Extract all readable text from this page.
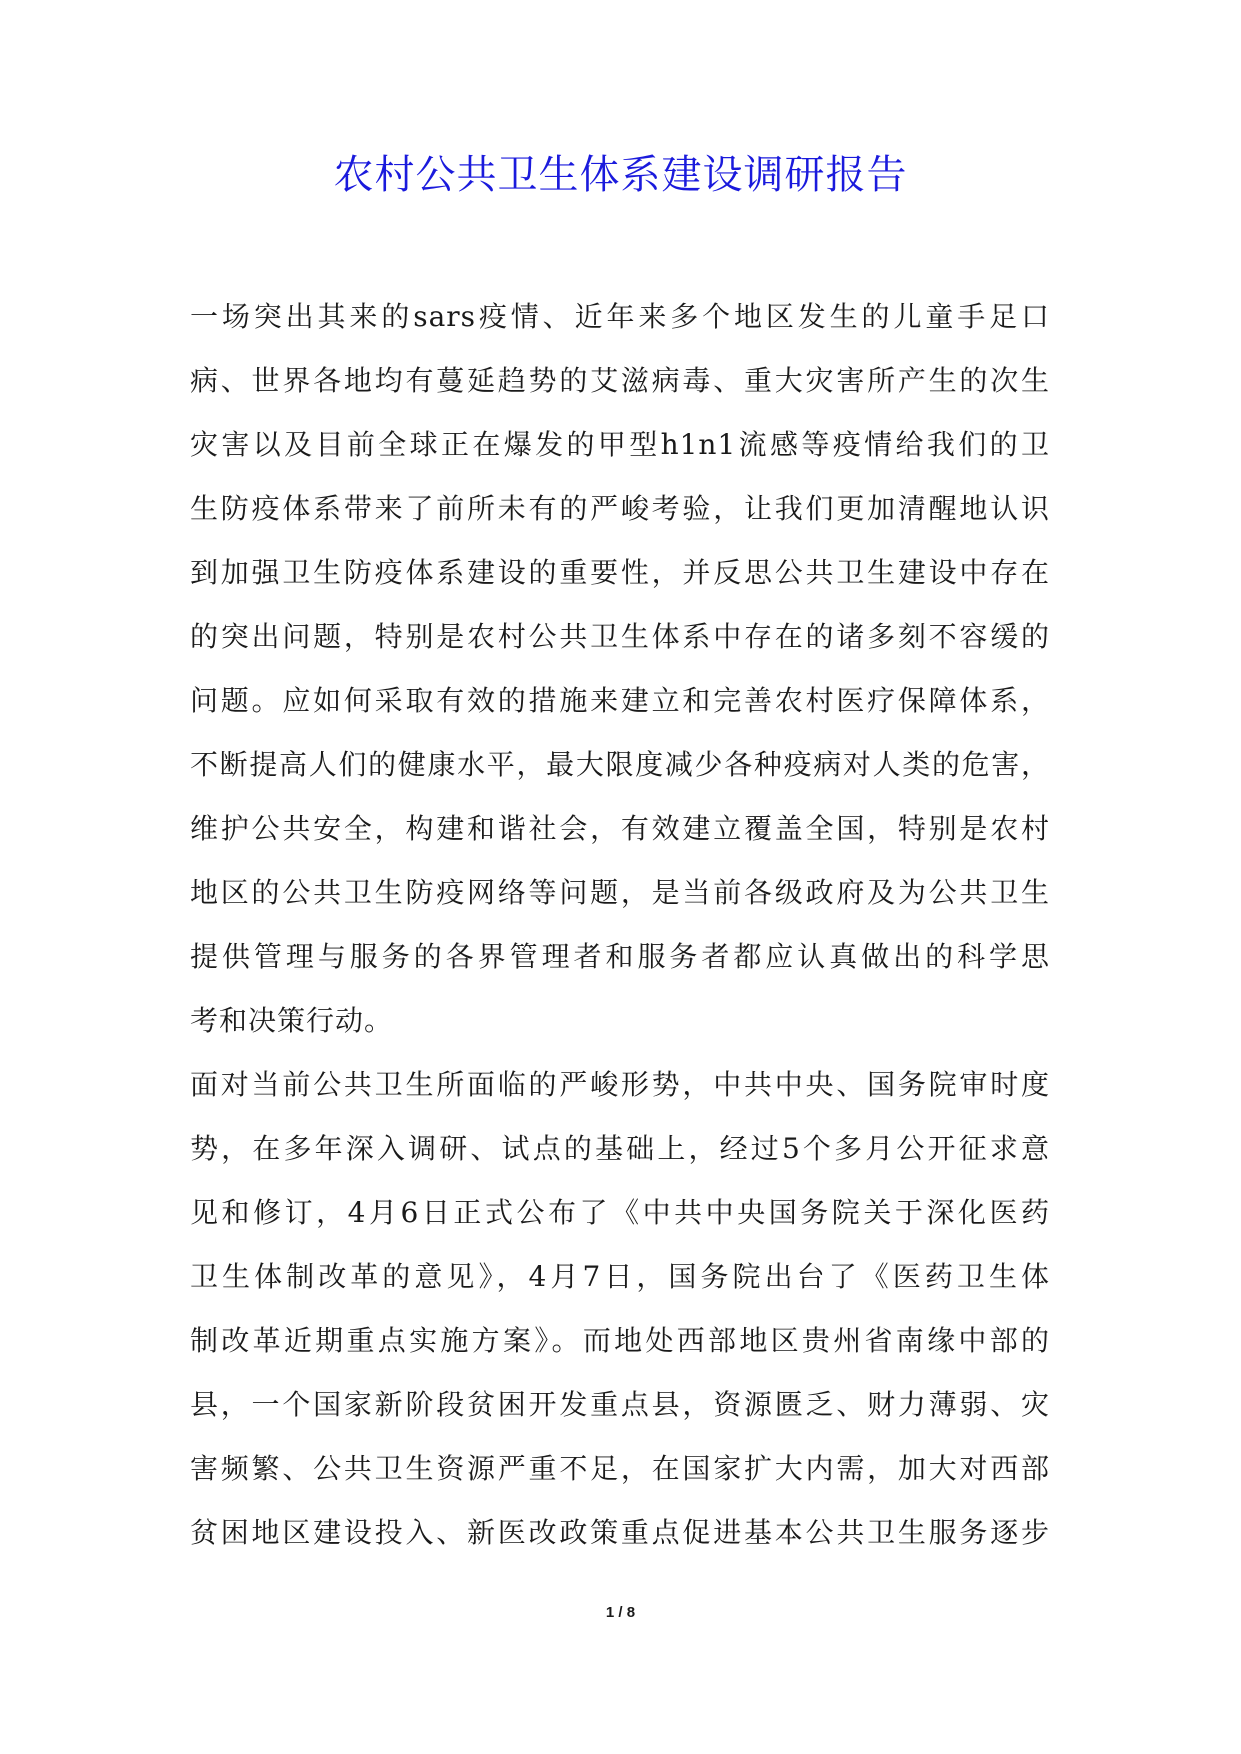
农村公共卫生体系建设调研报告
一场突出其来的sars疫情、近年来多个地区发生的儿童手足口
病、世界各地均有蔓延趋势的艾滋病毒、重大灾害所产生的次生
灾害以及目前全球正在爆发的甲型h1n1流感等疫情给我们的卫
生防疫体系带来了前所未有的严峻考验，让我们更加清醒地认识
到加强卫生防疫体系建设的重要性，并反思公共卫生建设中存在
的突出问题，特别是农村公共卫生体系中存在的诸多刻不容缓的
问题。应如何采取有效的措施来建立和完善农村医疗保障体系，
不断提高人们的健康水平，最大限度减少各种疫病对人类的危害，
维护公共安全，构建和谐社会，有效建立覆盖全国，特别是农村
地区的公共卫生防疫网络等问题，是当前各级政府及为公共卫生
提供管理与服务的各界管理者和服务者都应认真做出的科学思
考和决策行动。
面对当前公共卫生所面临的严峻形势，中共中央、国务院审时度
势，在多年深入调研、试点的基础上，经过5个多月公开征求意
见和修订，4月6日正式公布了《中共中央国务院关于深化医药
卫生体制改革的意见》，4月7日，国务院出台了《医药卫生体
制改革近期重点实施方案》。而地处西部地区贵州省南缘中部的
县，一个国家新阶段贫困开发重点县，资源匮乏、财力薄弱、灾
害频繁、公共卫生资源严重不足，在国家扩大内需，加大对西部
贫困地区建设投入、新医改政策重点促进基本公共卫生服务逐步
1 / 8
